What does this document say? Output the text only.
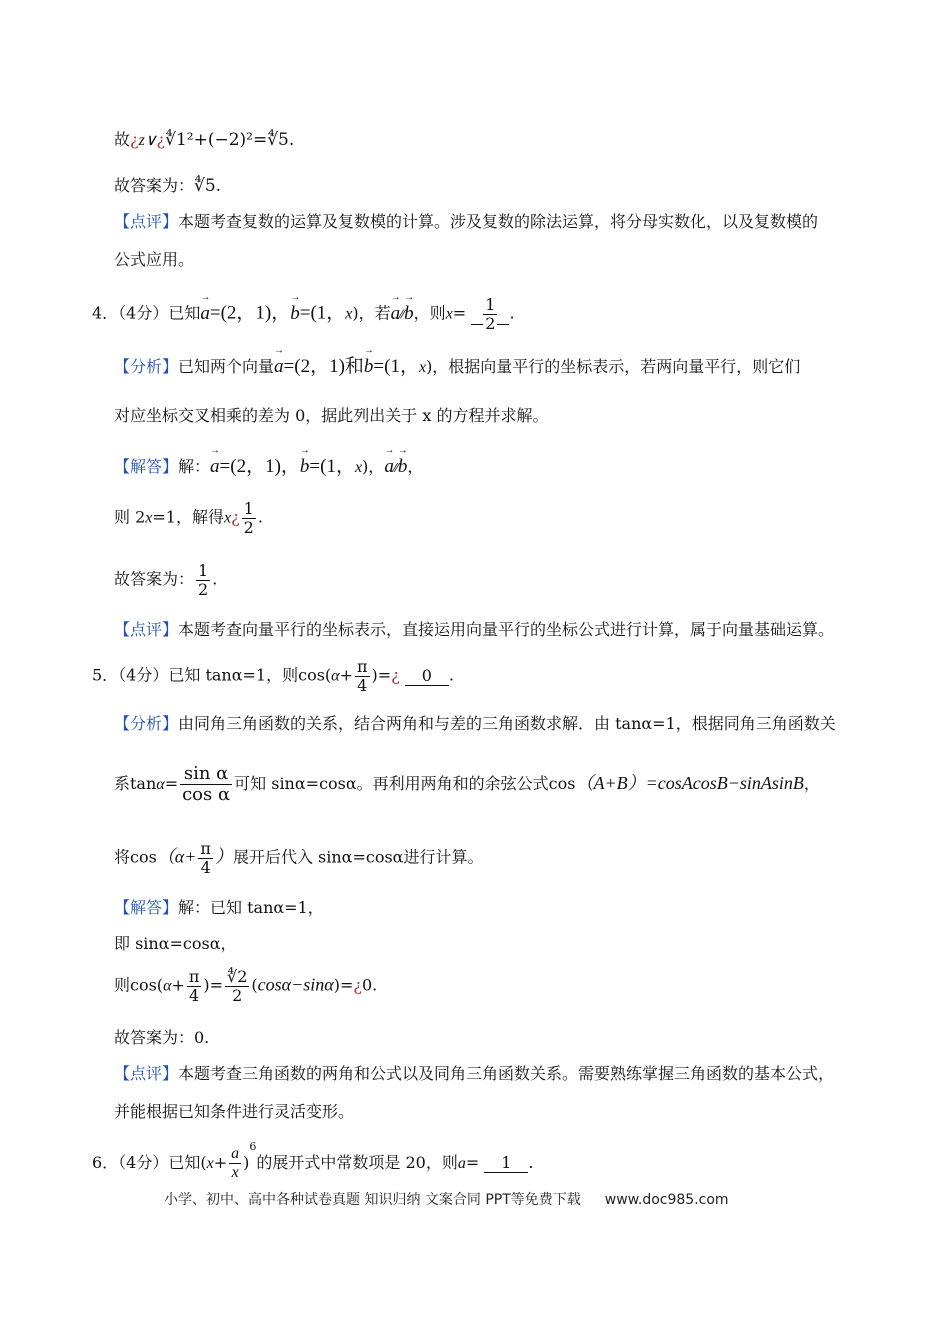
故¿z∨¿∜1²+(−2)²=∜5.
故答案为：∜5.
【点评】本题考查复数的运算及复数模的计算。涉及复数的除法运算，将分母实数化，以及复数模的
公式应用。
4．（4分）已知→ a=(2，1)，→ b=(1，x)，若→ a⁄⁄→ b，则$x= \frac{1}{2}$ .
【分析】已知两个向量→ a=(2，1)和→ b=(1，x)，根据向量平行的坐标表示，若两向量平行，则它们
对应坐标交叉相乘的差为 0，据此列出关于 x 的方程并求解。
【解答】解：→ a=(2，1)，→ b=(1，x)，→ a⁄⁄→ b，
则 2x=1，解得x¿ $\frac{1}{2}$ .
故答案为： $\frac{1}{2}$ .
【点评】本题考查向量平行的坐标表示，直接运用向量平行的坐标公式进行计算，属于向量基础运算。
5．（4分）已知 tanα=1，则$\cos(\alpha+ \frac{\pi}{4}$ )=¿ 0 .
【分析】由同角三角函数的关系，结合两角和与差的三角函数求解．由 tanα=1，根据同角三角函数关
系$\tan\alpha= \frac{\text{sin α}}{\text{cos α}}$ 可知 sinα=cosα。再利用两角和的余弦公式cos（A+B）=cosAcosB−sinAsinB，
将$\cos(\alpha+ \frac{\pi}{4}$ ）展开后代入 sinα=cosα进行计算。
【解答】解：已知 tanα=1，
即 sinα=cosα，
则$\cos(\alpha+ \frac{\pi}{4}$ )= $\frac{∜2}{2}$ (cosα−sinα)=¿0.
故答案为：0.
【点评】本题考查三角函数的两角和公式以及同角三角函数关系。需要熟练掌握三角函数的基本公式，
并能根据已知条件进行灵活变形。
6．（4分）已知$(x+ \frac{a}{x} )^6$的展开式中常数项是 20，则a= 1 .
小学、初中、高中各种试卷真题 知识归纳 文案合同 PPT等免费下载 www.doc985.com
